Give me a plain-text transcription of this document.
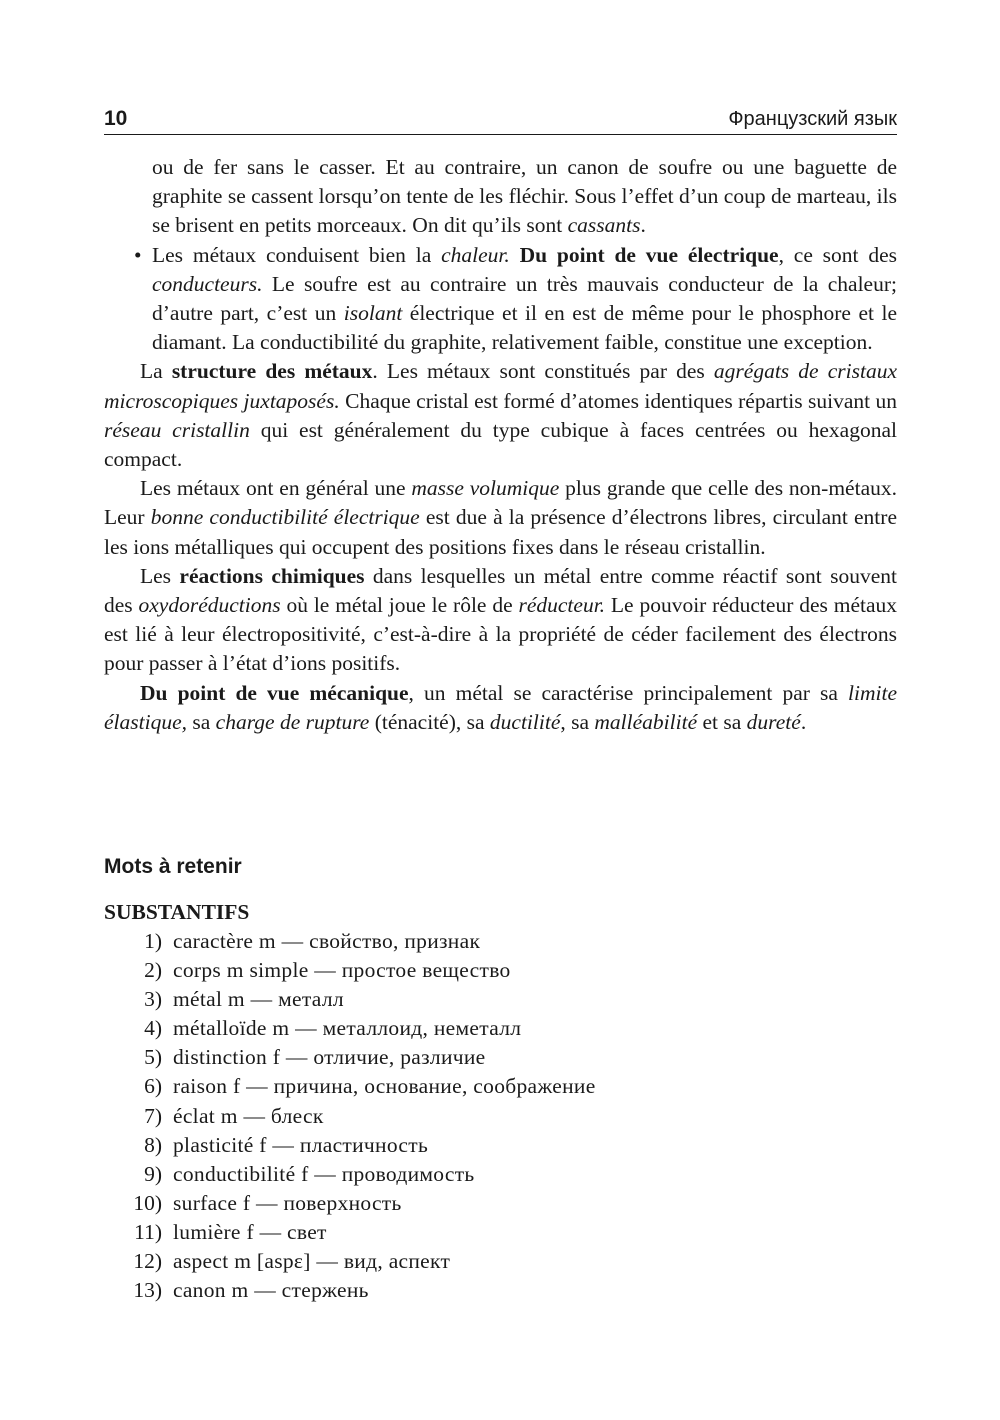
10	Французский язык

ou de fer sans le casser. Et au contraire, un canon de soufre ou une baguette de graphite se cassent lorsqu’on tente de les fléchir. Sous l’effet d’un coup de marteau, ils se brisent en petits morceaux. On dit qu’ils sont cassants.

• Les métaux conduisent bien la chaleur. Du point de vue électrique, ce sont des conducteurs. Le soufre est au contraire un très mauvais conducteur de la chaleur; d’autre part, c’est un isolant électrique et il en est de même pour le phosphore et le diamant. La conductibilité du graphite, relativement faible, constitue une exception.

La structure des métaux. Les métaux sont constitués par des agrégats de cristaux microscopiques juxtaposés. Chaque cristal est formé d’atomes identiques répartis suivant un réseau cristallin qui est généralement du type cubique à faces centrées ou hexagonal compact.

Les métaux ont en général une masse volumique plus grande que celle des non-métaux. Leur bonne conductibilité électrique est due à la présence d’électrons libres, circulant entre les ions métalliques qui occupent des positions fixes dans le réseau cristallin.

Les réactions chimiques dans lesquelles un métal entre comme réactif sont souvent des oxydoréductions où le métal joue le rôle de réducteur. Le pouvoir réducteur des métaux est lié à leur électropositivité, c’est-à-dire à la propriété de céder facilement des électrons pour passer à l’état d’ions positifs.

Du point de vue mécanique, un métal se caractérise principalement par sa limite élastique, sa charge de rupture (ténacité), sa ductilité, sa malléabilité et sa dureté.

Mots à retenir
SUBSTANTIFS
1) caractère m — свойство, признак
2) corps m simple — простое вещество
3) métal m — металл
4) métalloïde m — металлоид, неметалл
5) distinction f — отличие, различие
6) raison f — причина, основание, соображение
7) éclat m — блеск
8) plasticité f — пластичность
9) conductibilité f — проводимость
10) surface f — поверхность
11) lumière f — свет
12) aspect m [aspɛ] — вид, аспект
13) canon m — стержень
